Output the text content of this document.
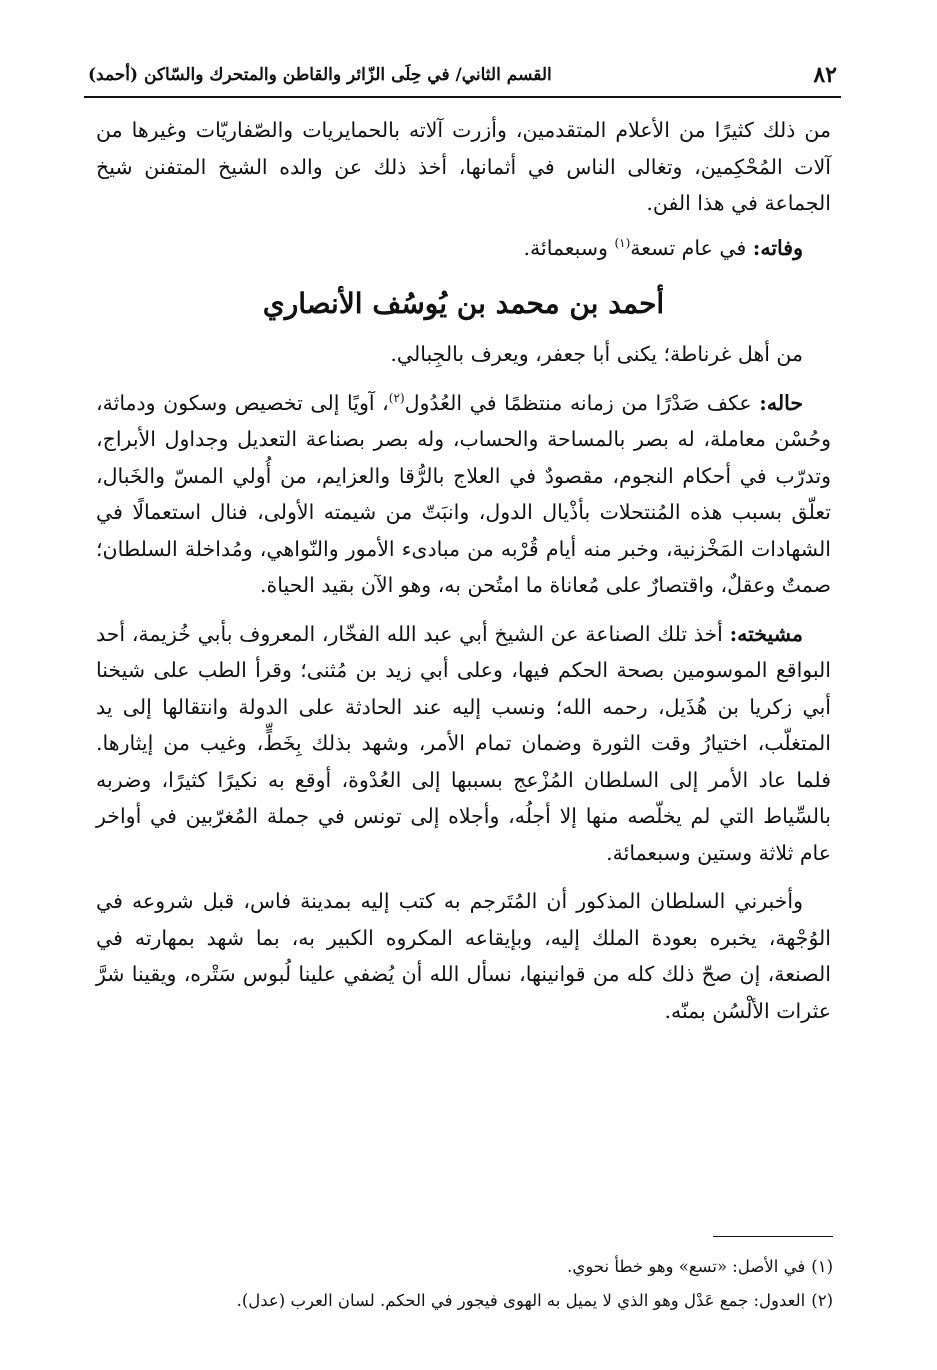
٨٢
القسم الثاني/ في حِلَى الزّائر والقاطن والمتحرك والسّاكن (أحمد)

من ذلك كثيرًا من الأعلام المتقدمين، وأزرت آلاته بالحمايريات والصّفاريّات وغيرها من آلات المُحْكِمين، وتغالى الناس في أثمانها، أخذ ذلك عن والده الشيخ المتفنن شيخ الجماعة في هذا الفن.

وفاته: في عام تسعة$^{(١)}$ وسبعمائة.

أحمد بن محمد بن يُوسُف الأنصاري

من أهل غرناطة؛ يكنى أبا جعفر، ويعرف بالجِبالي.

حاله: عكف صَدْرًا من زمانه منتظمًا في العُدُول$^{(٢)}$، آويًا إلى تخصيص وسكون ودماثة، وحُسْن معاملة، له بصر بالمساحة والحساب، وله بصر بصناعة التعديل وجداول الأبراج، وتدرّب في أحكام النجوم، مقصودٌ في العلاج بالرُّقا والعزايم، من أُولي المسّ والخَبال، تعلّق بسبب هذه المُنتحلات بأذْيال الدول، وانبَتّ من شيمته الأولى، فنال استعمالًا في الشهادات المَخْزنية، وخبر منه أيام قُرْبه من مبادىء الأمور والنّواهي، ومُداخلة السلطان؛ صمتٌ وعقلٌ، واقتصارٌ على مُعاناة ما امتُحن به، وهو الآن بقيد الحياة.

مشيخته: أخذ تلك الصناعة عن الشيخ أبي عبد الله الفخّار، المعروف بأبي خُزيمة، أحد البواقع الموسومين بصحة الحكم فيها، وعلى أبي زيد بن مُثنى؛ وقرأ الطب على شيخنا أبي زكريا بن هُذَيل، رحمه الله؛ ونسب إليه عند الحادثة على الدولة وانتقالها إلى يد المتغلّب، اختيارُ وقت الثورة وضمان تمام الأمر، وشهد بذلك بِخَطٍّ، وغيب من إيثارها. فلما عاد الأمر إلى السلطان المُزْعج بسببها إلى العُدْوة، أوقع به نكيرًا كثيرًا، وضربه بالسِّياط التي لم يخلّصه منها إلا أجلُه، وأجلاه إلى تونس في جملة المُغرّبين في أواخر عام ثلاثة وستين وسبعمائة.

وأخبرني السلطان المذكور أن المُتَرجم به كتب إليه بمدينة فاس، قبل شروعه في الوُجْهة، يخبره بعودة الملك إليه، وبإيقاعه المكروه الكبير به، بما شهد بمهارته في الصنعة، إن صحّ ذلك كله من قوانينها، نسأل الله أن يُضفي علينا لُبوس سَتْره، ويقينا شرَّ عثرات الألْسُن بمنّه.

(١)في الأصل: «تسع» وهو خطأ نحوي.
(٢)العدول: جمع عَدْل وهو الذي لا يميل به الهوى فيجور في الحكم. لسان العرب (عدل).
